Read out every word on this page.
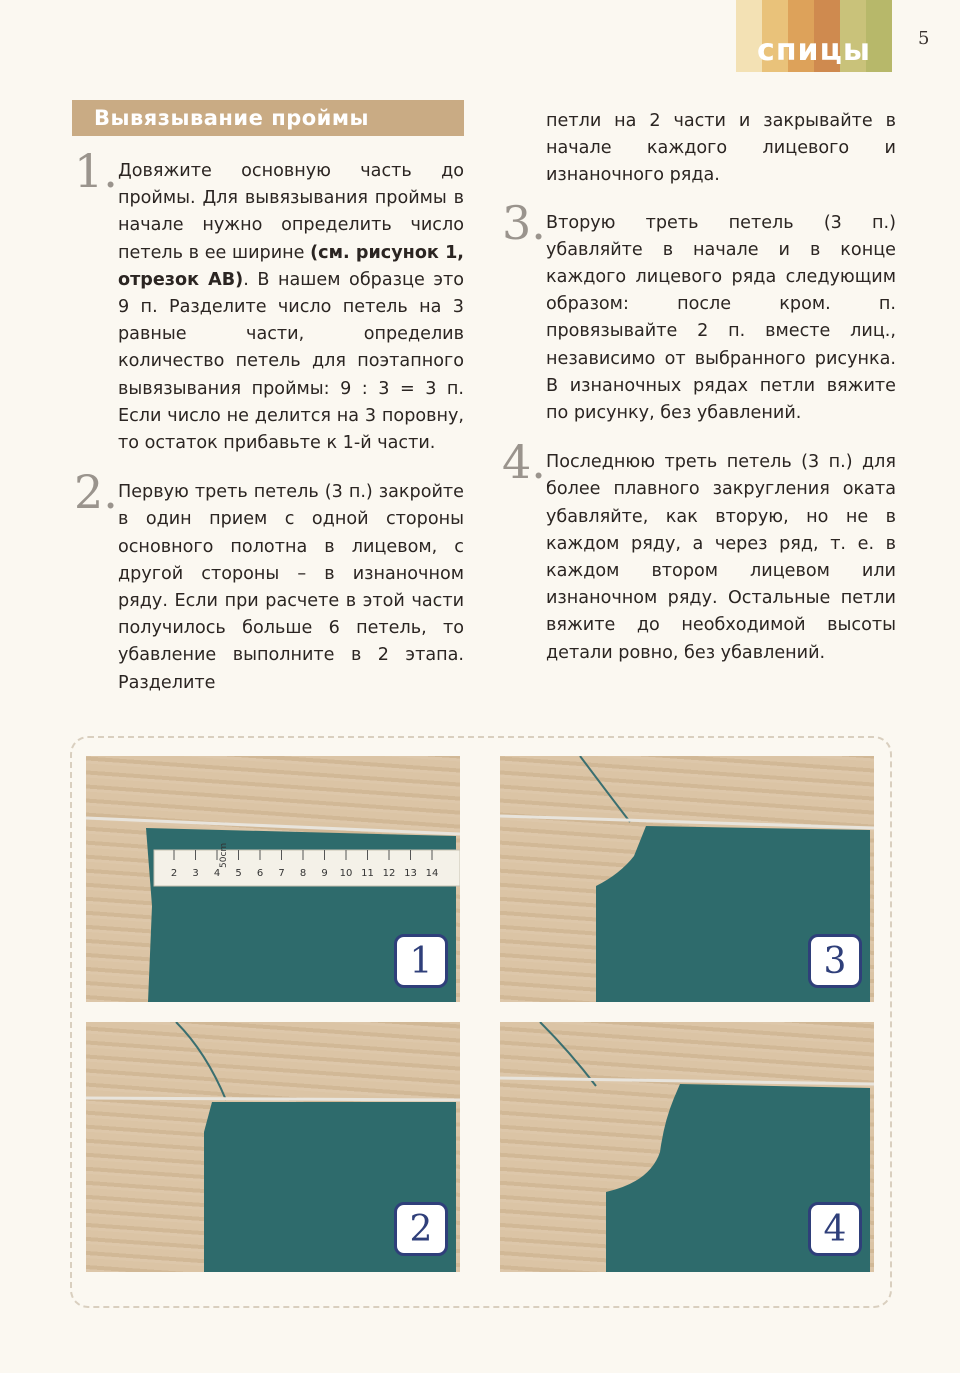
спицы	5
Вывязывание проймы
1. Довяжите основную часть до проймы. Для вывязывания проймы в начале нужно определить число петель в ее ширине (см. рисунок 1, отрезок АВ). В нашем образце это 9 п. Разделите число петель на 3 равные части, определив количество петель для поэтапного вывязывания проймы: 9 : 3 = 3 п. Если число не делится на 3 поровну, то остаток прибавьте к 1-й части.

2. Первую треть петель (3 п.) закройте в один прием с одной стороны основного полотна в лицевом, с другой стороны – в изнаночном ряду. Если при расчете в этой части получилось больше 6 петель, то убавление выполните в 2 этапа. Разделите

петли на 2 части и закрывайте в начале каждого лицевого и изнаночного ряда.

3. Вторую треть петель (3 п.) убавляйте в начале и в конце каждого лицевого ряда следующим образом: после кром. п. провязывайте 2 п. вместе лиц., независимо от выбранного рисунка. В изнаночных рядах петли вяжите по рисунку, без убавлений.

4. Последнюю треть петель (3 п.) для более плавного закругления оката убавляйте, как вторую, но не в каждом ряду, а через ряд, т. е. в каждом втором лицевом или изнаночном ряду. Остальные петли вяжите до необходимой высоты детали ровно, без убавлений.

2 3 4 5 6 7 8 9 10 11 12 13 14
50cm
1	3
2	4
